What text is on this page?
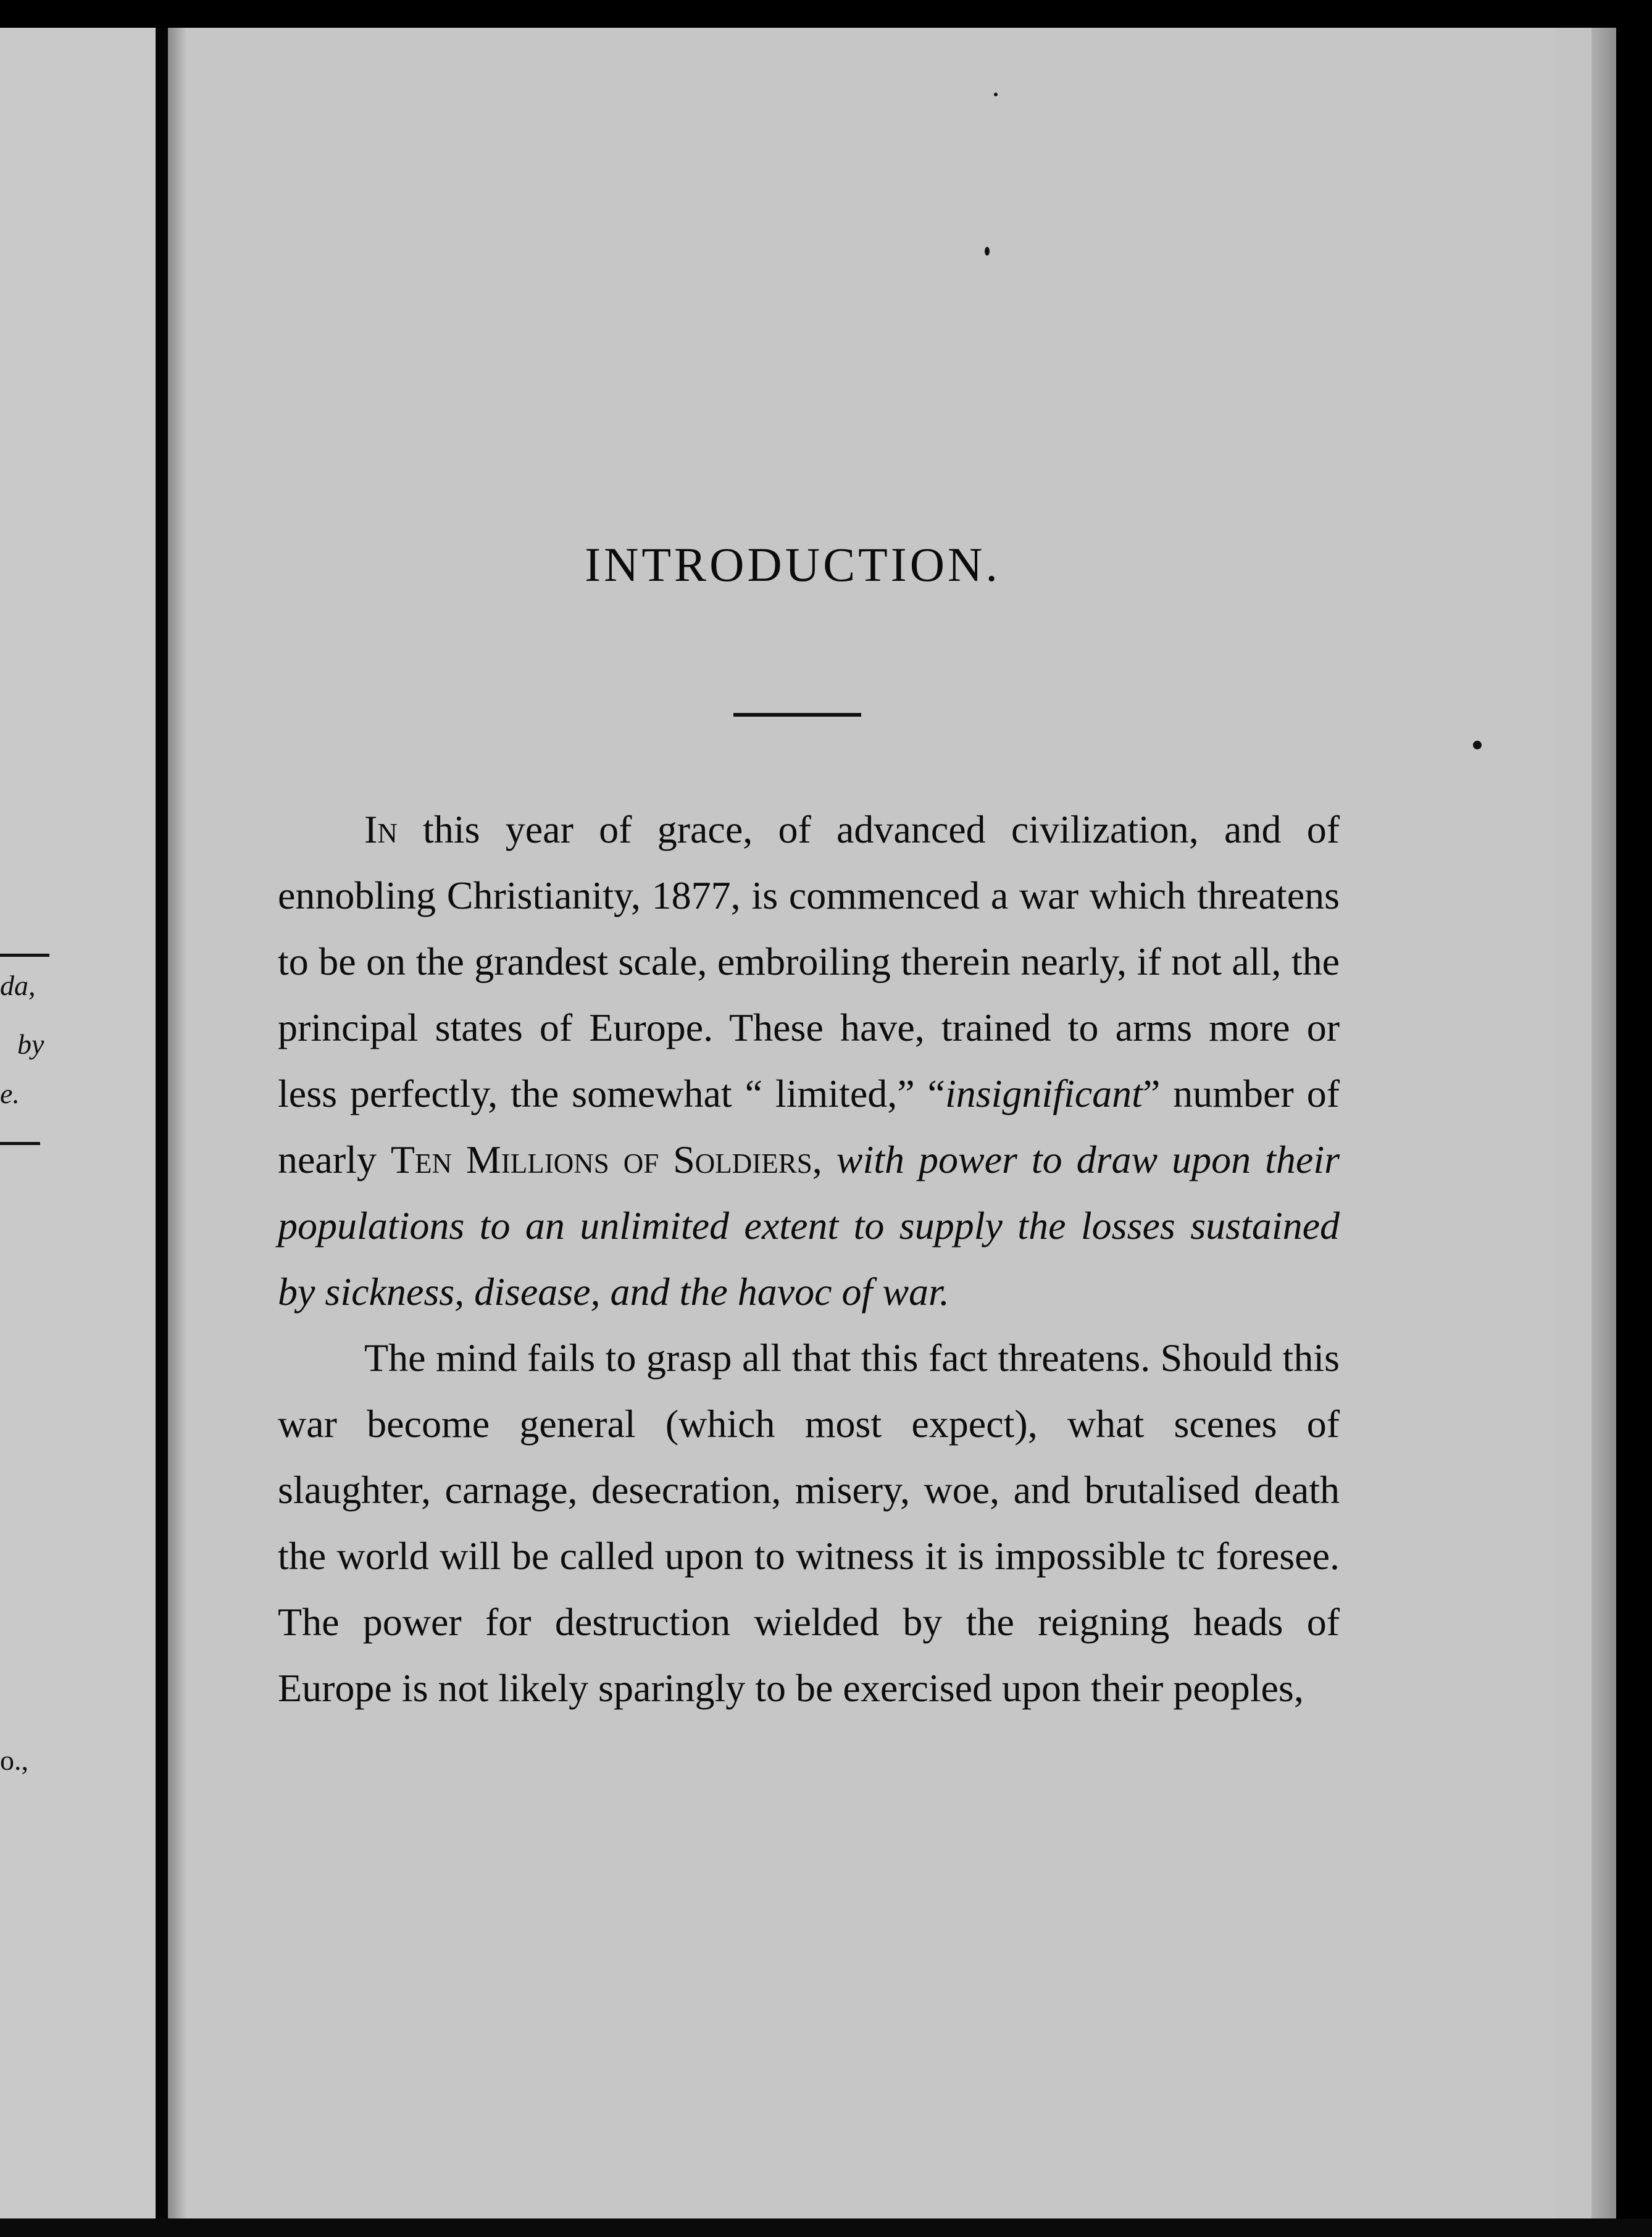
da,
by
e.
o.,
INTRODUCTION.

In this year of grace, of advanced civilization, and of ennobling Christianity, 1877, is commenced a war which threatens to be on the grandest scale, embroiling therein nearly, if not all, the principal states of Europe. These have, trained to arms more or less perfectly, the somewhat “ limited,” “insignificant” number of nearly Ten Millions of Soldiers, with power to draw upon their populations to an unlimited extent to supply the losses sustained by sickness, disease, and the havoc of war.

The mind fails to grasp all that this fact threatens. Should this war become general (which most expect), what scenes of slaughter, carnage, desecration, misery, woe, and brutalised death the world will be called upon to witness it is impossible tc foresee. The power for destruction wielded by the reigning heads of Europe is not likely sparingly to be exercised upon their peoples,
